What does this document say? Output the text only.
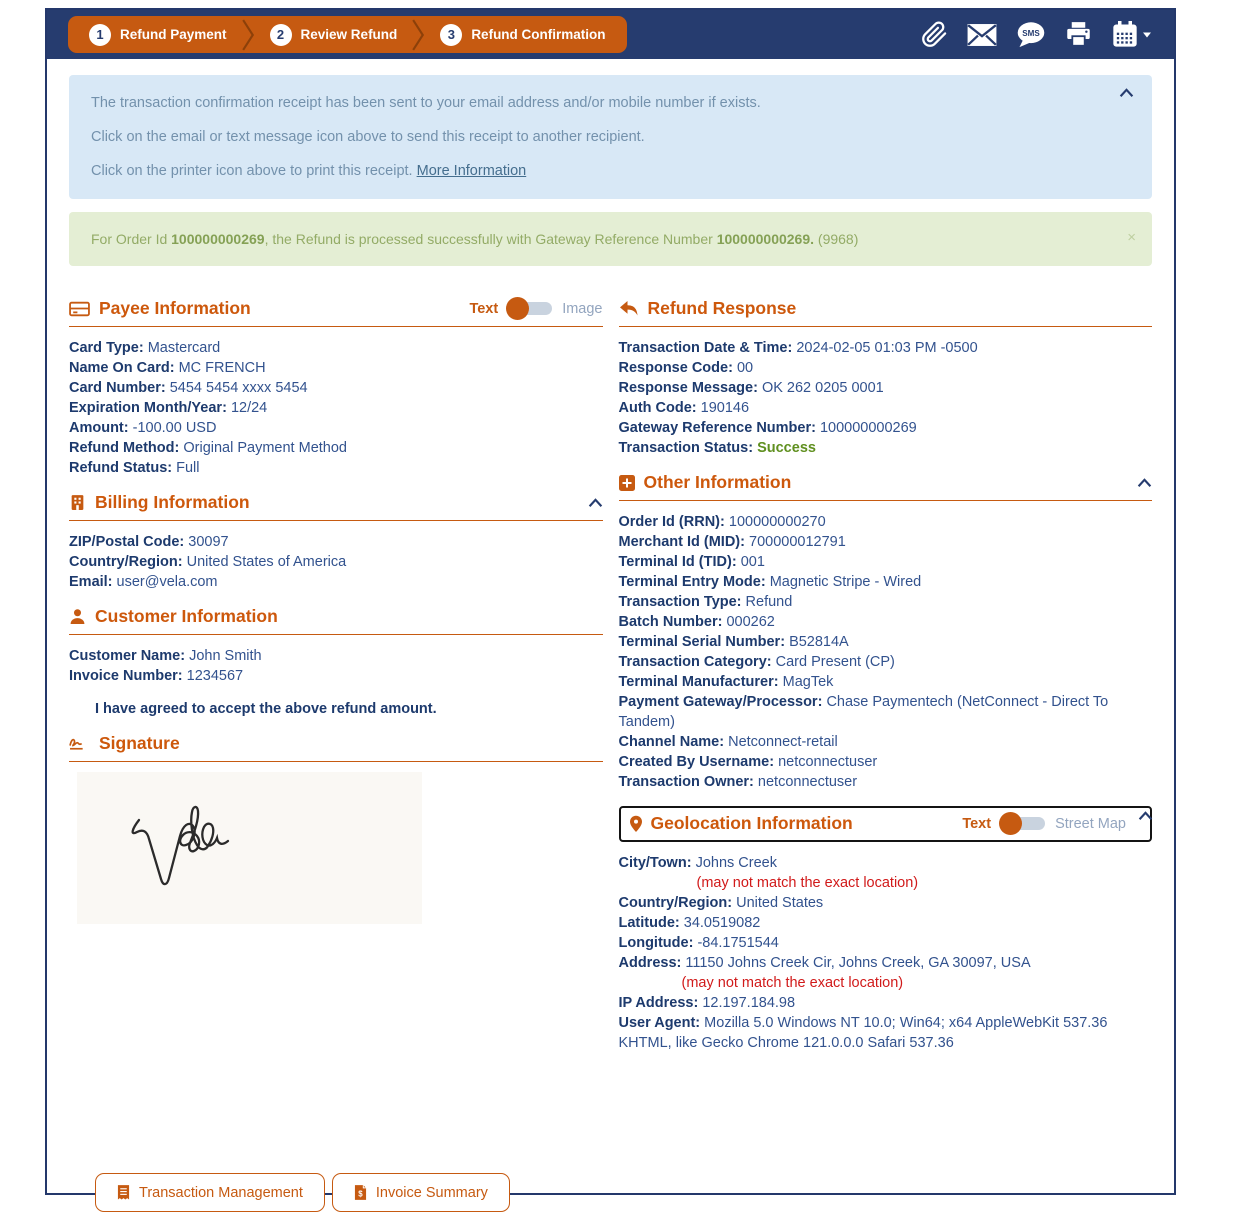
1	Refund Payment	2	Review Refund	3	Refund Confirmation	SMS

The transaction confirmation receipt has been sent to your email address and/or mobile number if exists.

Click on the email or text message icon above to send this receipt to another recipient.

Click on the printer icon above to print this receipt. More Information

For Order Id 100000000269, the Refund is processed successfully with Gateway Reference Number 100000000269. (9968)	×
Payee Information	Text	Image
Card Type: Mastercard
Name On Card: MC FRENCH
Card Number: 5454 5454 xxxx 5454
Expiration Month/Year: 12/24
Amount: -100.00 USD
Refund Method: Original Payment Method
Refund Status: Full
Billing Information
ZIP/Postal Code: 30097
Country/Region: United States of America
Email: user@vela.com
Customer Information
Customer Name: John Smith
Invoice Number: 1234567
I have agreed to accept the above refund amount.
Signature
Refund Response
Transaction Date & Time: 2024-02-05 01:03 PM -0500
Response Code: 00
Response Message: OK 262 0205 0001
Auth Code: 190146
Gateway Reference Number: 100000000269
Transaction Status: Success
Other Information
Order Id (RRN): 100000000270
Merchant Id (MID): 700000012791
Terminal Id (TID): 001
Terminal Entry Mode: Magnetic Stripe - Wired
Transaction Type: Refund
Batch Number: 000262
Terminal Serial Number: B52814A
Transaction Category: Card Present (CP)
Terminal Manufacturer: MagTek
Payment Gateway/Processor: Chase Paymentech (NetConnect - Direct To Tandem)
Channel Name: Netconnect-retail
Created By Username: netconnectuser
Transaction Owner: netconnectuser
Geolocation Information	Text	Street Map
City/Town: Johns Creek
(may not match the exact location)
Country/Region: United States
Latitude: 34.0519082
Longitude: -84.1751544
Address: 11150 Johns Creek Cir, Johns Creek, GA 30097, USA
(may not match the exact location)
IP Address: 12.197.184.98
User Agent: Mozilla 5.0 Windows NT 10.0; Win64; x64 AppleWebKit 537.36 KHTML, like Gecko Chrome 121.0.0.0 Safari 537.36
Transaction Management	$ Invoice Summary
